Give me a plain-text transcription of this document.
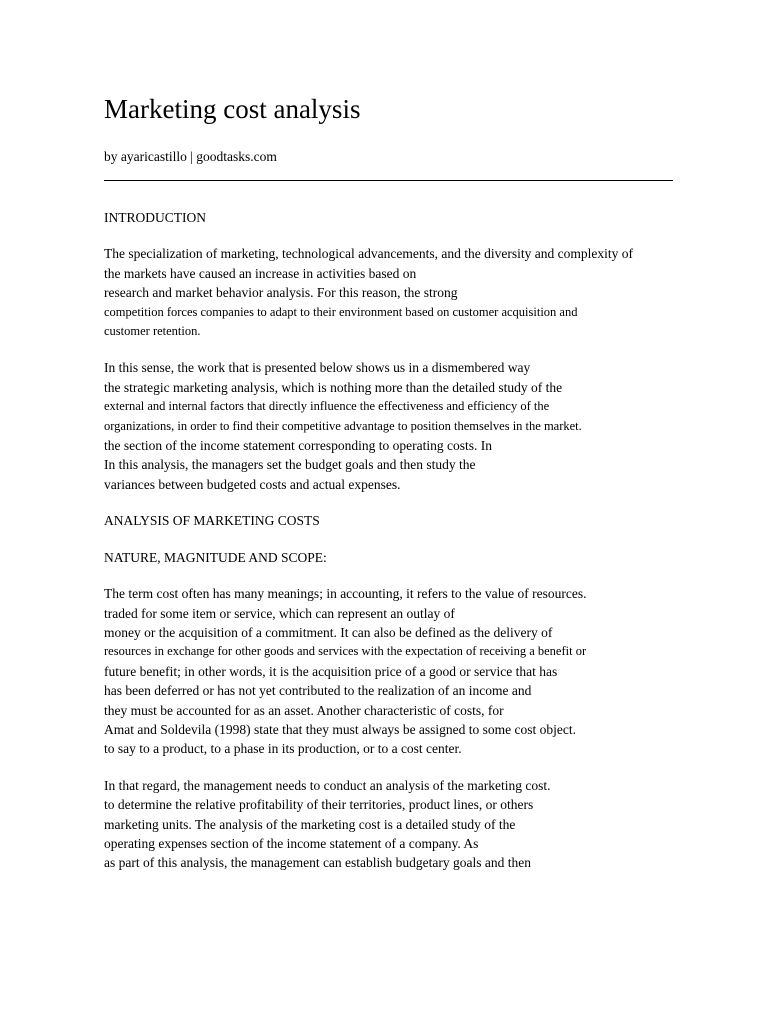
Marketing cost analysis
by ayaricastillo | goodtasks.com
INTRODUCTION
The specialization of marketing, technological advancements, and the diversity and complexity of
the markets have caused an increase in activities based on
research and market behavior analysis. For this reason, the strong
competition forces companies to adapt to their environment based on customer acquisition and
customer retention.
In this sense, the work that is presented below shows us in a dismembered way
the strategic marketing analysis, which is nothing more than the detailed study of the
external and internal factors that directly influence the effectiveness and efficiency of the
organizations, in order to find their competitive advantage to position themselves in the market.
the section of the income statement corresponding to operating costs. In
In this analysis, the managers set the budget goals and then study the
variances between budgeted costs and actual expenses.
ANALYSIS OF MARKETING COSTS
NATURE, MAGNITUDE AND SCOPE:
The term cost often has many meanings; in accounting, it refers to the value of resources.
traded for some item or service, which can represent an outlay of
money or the acquisition of a commitment. It can also be defined as the delivery of
resources in exchange for other goods and services with the expectation of receiving a benefit or
future benefit; in other words, it is the acquisition price of a good or service that has
has been deferred or has not yet contributed to the realization of an income and
they must be accounted for as an asset. Another characteristic of costs, for
Amat and Soldevila (1998) state that they must always be assigned to some cost object.
to say to a product, to a phase in its production, or to a cost center.
In that regard, the management needs to conduct an analysis of the marketing cost.
to determine the relative profitability of their territories, product lines, or others
marketing units. The analysis of the marketing cost is a detailed study of the
operating expenses section of the income statement of a company. As
as part of this analysis, the management can establish budgetary goals and then
